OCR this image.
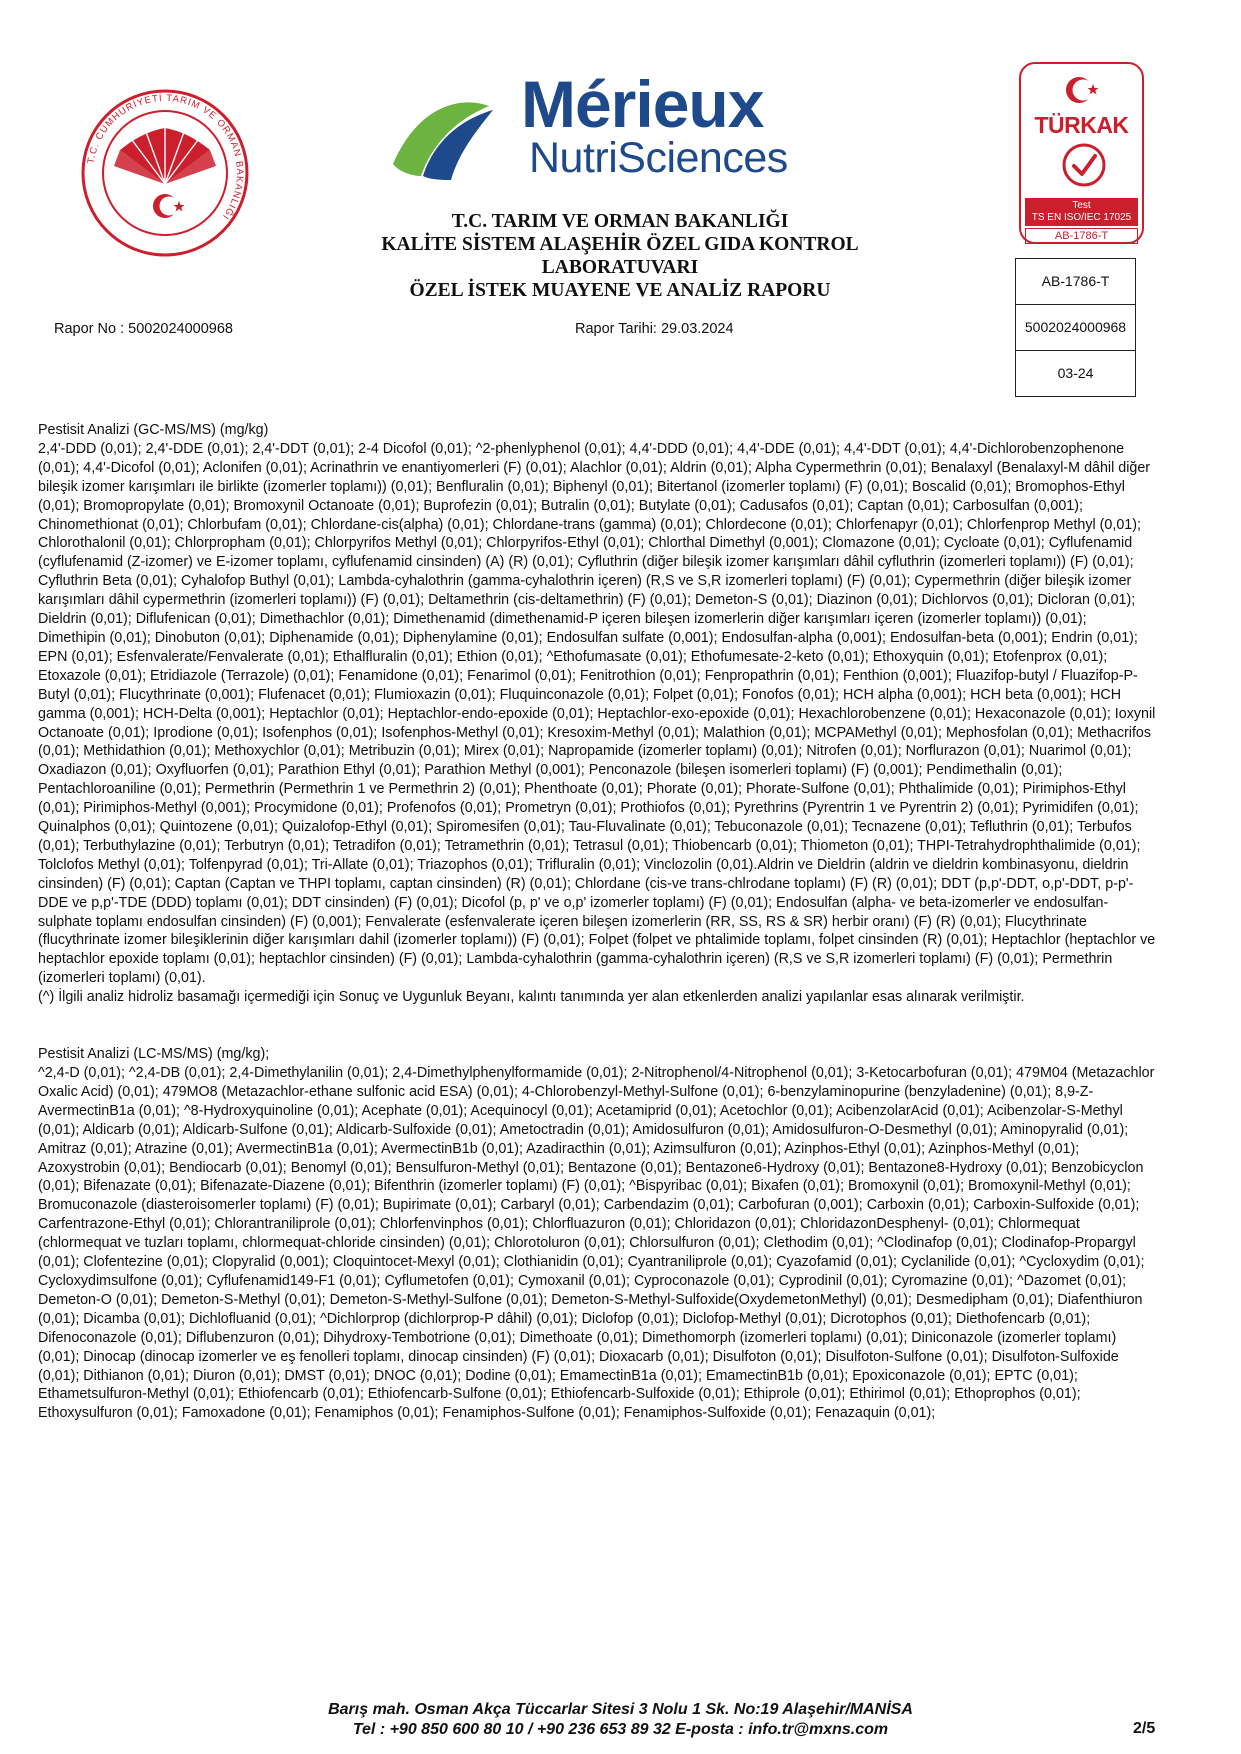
T.C. CUMHURİYETİ TARIM VE ORMAN BAKANLIĞI
Mérieux
NutriSciences
TÜRKAK
Test
TS EN ISO/IEC 17025
AB-1786-T
T.C. TARIM VE ORMAN BAKANLIĞI
KALİTE SİSTEM ALAŞEHİR ÖZEL GIDA KONTROL
LABORATUVARI
ÖZEL İSTEK MUAYENE VE ANALİZ RAPORU
Rapor No : 5002024000968	Rapor Tarihi: 29.03.2024
AB-1786-T
5002024000968
03-24

Pestisit Analizi (GC-MS/MS) (mg/kg)

2,4'-DDD (0,01); 2,4'-DDE (0,01); 2,4'-DDT (0,01); 2-4 Dicofol (0,01); ^2-phenlyphenol (0,01); 4,4'-DDD (0,01); 4,4'-DDE (0,01); 4,4'-DDT (0,01); 4,4'-Dichlorobenzophenone (0,01); 4,4'-Dicofol (0,01); Aclonifen (0,01); Acrinathrin ve enantiyomerleri (F) (0,01); Alachlor (0,01); Aldrin (0,01); Alpha Cypermethrin (0,01); Benalaxyl (Benalaxyl-M dâhil diğer bileşik izomer karışımları ile birlikte (izomerler toplamı)) (0,01); Benfluralin (0,01); Biphenyl (0,01); Bitertanol (izomerler toplamı) (F) (0,01); Boscalid (0,01); Bromophos-Ethyl (0,01); Bromopropylate (0,01); Bromoxynil Octanoate (0,01); Buprofezin (0,01); Butralin (0,01); Butylate (0,01); Cadusafos (0,01); Captan (0,01); Carbosulfan (0,001); Chinomethionat (0,01); Chlorbufam (0,01); Chlordane-cis(alpha) (0,01); Chlordane-trans (gamma) (0,01); Chlordecone (0,01); Chlorfenapyr (0,01); Chlorfenprop Methyl (0,01); Chlorothalonil (0,01); Chlorpropham (0,01); Chlorpyrifos Methyl (0,01); Chlorpyrifos-Ethyl (0,01); Chlorthal Dimethyl (0,001); Clomazone (0,01); Cycloate (0,01); Cyflufenamid (cyflufenamid (Z-izomer) ve E-izomer toplamı, cyflufenamid cinsinden) (A) (R) (0,01); Cyfluthrin (diğer bileşik izomer karışımları dâhil cyfluthrin (izomerleri toplamı)) (F) (0,01); Cyfluthrin Beta (0,01); Cyhalofop Buthyl (0,01); Lambda-cyhalothrin (gamma-cyhalothrin içeren) (R,S ve S,R izomerleri toplamı) (F) (0,01); Cypermethrin (diğer bileşik izomer karışımları dâhil cypermethrin (izomerleri toplamı)) (F) (0,01); Deltamethrin (cis-deltamethrin) (F) (0,01); Demeton-S (0,01); Diazinon (0,01); Dichlorvos (0,01); Dicloran (0,01); Dieldrin (0,01); Diflufenican (0,01); Dimethachlor (0,01); Dimethenamid (dimethenamid-P içeren bileşen izomerlerin diğer karışımları içeren (izomerler toplamı)) (0,01); Dimethipin (0,01); Dinobuton (0,01); Diphenamide (0,01); Diphenylamine (0,01); Endosulfan sulfate (0,001); Endosulfan-alpha (0,001); Endosulfan-beta (0,001); Endrin (0,01); EPN (0,01); Esfenvalerate/Fenvalerate (0,01); Ethalfluralin (0,01); Ethion (0,01); ^Ethofumasate (0,01); Ethofumesate-2-keto (0,01); Ethoxyquin (0,01); Etofenprox (0,01); Etoxazole (0,01); Etridiazole (Terrazole) (0,01); Fenamidone (0,01); Fenarimol (0,01); Fenitrothion (0,01); Fenpropathrin (0,01); Fenthion (0,001); Fluazifop-butyl / Fluazifop-P-Butyl (0,01); Flucythrinate (0,001); Flufenacet (0,01); Flumioxazin (0,01); Fluquinconazole (0,01); Folpet (0,01); Fonofos (0,01); HCH alpha (0,001); HCH beta (0,001); HCH gamma (0,001); HCH-Delta (0,001); Heptachlor (0,01); Heptachlor-endo-epoxide (0,01); Heptachlor-exo-epoxide (0,01); Hexachlorobenzene (0,01); Hexaconazole (0,01); Ioxynil Octanoate (0,01); Iprodione (0,01); Isofenphos (0,01); Isofenphos-Methyl (0,01); Kresoxim-Methyl (0,01); Malathion (0,01); MCPAMethyl (0,01); Mephosfolan (0,01); Methacrifos (0,01); Methidathion (0,01); Methoxychlor (0,01); Metribuzin (0,01); Mirex (0,01); Napropamide (izomerler toplamı) (0,01); Nitrofen (0,01); Norflurazon (0,01); Nuarimol (0,01); Oxadiazon (0,01); Oxyfluorfen (0,01); Parathion Ethyl (0,01); Parathion Methyl (0,001); Penconazole (bileşen isomerleri toplamı) (F) (0,001); Pendimethalin (0,01); Pentachloroaniline (0,01); Permethrin (Permethrin 1 ve Permethrin 2) (0,01); Phenthoate (0,01); Phorate (0,01); Phorate-Sulfone (0,01); Phthalimide (0,01); Pirimiphos-Ethyl (0,01); Pirimiphos-Methyl (0,001); Procymidone (0,01); Profenofos (0,01); Prometryn (0,01); Prothiofos (0,01); Pyrethrins (Pyrentrin 1 ve Pyrentrin 2) (0,01); Pyrimidifen (0,01); Quinalphos (0,01); Quintozene (0,01); Quizalofop-Ethyl (0,01); Spiromesifen (0,01); Tau-Fluvalinate (0,01); Tebuconazole (0,01); Tecnazene (0,01); Tefluthrin (0,01); Terbufos (0,01); Terbuthylazine (0,01); Terbutryn (0,01); Tetradifon (0,01); Tetramethrin (0,01); Tetrasul (0,01); Thiobencarb (0,01); Thiometon (0,01); THPI-Tetrahydrophthalimide (0,01); Tolclofos Methyl (0,01); Tolfenpyrad (0,01); Tri-Allate (0,01); Triazophos (0,01); Trifluralin (0,01); Vinclozolin (0,01).Aldrin ve Dieldrin (aldrin ve dieldrin kombinasyonu, dieldrin cinsinden) (F) (0,01); Captan (Captan ve THPI toplamı, captan cinsinden) (R) (0,01); Chlordane (cis-ve trans-chlrodane toplamı) (F) (R) (0,01); DDT (p,p'-DDT, o,p'-DDT, p-p'-DDE ve p,p'-TDE (DDD) toplamı (0,01); DDT cinsinden) (F) (0,01); Dicofol (p, p' ve o,p' izomerler toplamı) (F) (0,01); Endosulfan (alpha- ve beta-izomerler ve endosulfan-sulphate toplamı endosulfan cinsinden) (F) (0,001); Fenvalerate (esfenvalerate içeren bileşen izomerlerin (RR, SS, RS & SR) herbir oranı) (F) (R) (0,01); Flucythrinate (flucythrinate izomer bileşiklerinin diğer karışımları dahil (izomerler toplamı)) (F) (0,01); Folpet (folpet ve phtalimide toplamı, folpet cinsinden (R) (0,01); Heptachlor (heptachlor ve heptachlor epoxide toplamı (0,01); heptachlor cinsinden) (F) (0,01); Lambda-cyhalothrin (gamma-cyhalothrin içeren) (R,S ve S,R izomerleri toplamı) (F) (0,01); Permethrin (izomerleri toplamı) (0,01).

(^) İlgili analiz hidroliz basamağı içermediği için Sonuç ve Uygunluk Beyanı, kalıntı tanımında yer alan etkenlerden analizi yapılanlar esas alınarak verilmiştir.

Pestisit Analizi (LC-MS/MS) (mg/kg);

^2,4-D (0,01); ^2,4-DB (0,01); 2,4-Dimethylanilin (0,01); 2,4-Dimethylphenylformamide (0,01); 2-Nitrophenol/4-Nitrophenol (0,01); 3-Ketocarbofuran (0,01); 479M04 (Metazachlor Oxalic Acid) (0,01); 479MO8 (Metazachlor-ethane sulfonic acid ESA) (0,01); 4-Chlorobenzyl-Methyl-Sulfone (0,01); 6-benzylaminopurine (benzyladenine) (0,01); 8,9-Z-AvermectinB1a (0,01); ^8-Hydroxyquinoline (0,01); Acephate (0,01); Acequinocyl (0,01); Acetamiprid (0,01); Acetochlor (0,01); AcibenzolarAcid (0,01); Acibenzolar-S-Methyl (0,01); Aldicarb (0,01); Aldicarb-Sulfone (0,01); Aldicarb-Sulfoxide (0,01); Ametoctradin (0,01); Amidosulfuron (0,01); Amidosulfuron-O-Desmethyl (0,01); Aminopyralid (0,01); Amitraz (0,01); Atrazine (0,01); AvermectinB1a (0,01); AvermectinB1b (0,01); Azadiracthin (0,01); Azimsulfuron (0,01); Azinphos-Ethyl (0,01); Azinphos-Methyl (0,01); Azoxystrobin (0,01); Bendiocarb (0,01); Benomyl (0,01); Bensulfuron-Methyl (0,01); Bentazone (0,01); Bentazone6-Hydroxy (0,01); Bentazone8-Hydroxy (0,01); Benzobicyclon (0,01); Bifenazate (0,01); Bifenazate-Diazene (0,01); Bifenthrin (izomerler toplamı) (F) (0,01); ^Bispyribac (0,01); Bixafen (0,01); Bromoxynil (0,01); Bromoxynil-Methyl (0,01); Bromuconazole (diasteroisomerler toplamı) (F) (0,01); Bupirimate (0,01); Carbaryl (0,01); Carbendazim (0,01); Carbofuran (0,001); Carboxin (0,01); Carboxin-Sulfoxide (0,01); Carfentrazone-Ethyl (0,01); Chlorantraniliprole (0,01); Chlorfenvinphos (0,01); Chlorfluazuron (0,01); Chloridazon (0,01); ChloridazonDesphenyl- (0,01); Chlormequat (chlormequat ve tuzları toplamı, chlormequat-chloride cinsinden) (0,01); Chlorotoluron (0,01); Chlorsulfuron (0,01); Clethodim (0,01); ^Clodinafop (0,01); Clodinafop-Propargyl (0,01); Clofentezine (0,01); Clopyralid (0,001); Cloquintocet-Mexyl (0,01); Clothianidin (0,01); Cyantraniliprole (0,01); Cyazofamid (0,01); Cyclanilide (0,01); ^Cycloxydim (0,01); Cycloxydimsulfone (0,01); Cyflufenamid149-F1 (0,01); Cyflumetofen (0,01); Cymoxanil (0,01); Cyproconazole (0,01); Cyprodinil (0,01); Cyromazine (0,01); ^Dazomet (0,01); Demeton-O (0,01); Demeton-S-Methyl (0,01); Demeton-S-Methyl-Sulfone (0,01); Demeton-S-Methyl-Sulfoxide(OxydemetonMethyl) (0,01); Desmedipham (0,01); Diafenthiuron (0,01); Dicamba (0,01); Dichlofluanid (0,01); ^Dichlorprop (dichlorprop-P dâhil) (0,01); Diclofop (0,01); Diclofop-Methyl (0,01); Dicrotophos (0,01); Diethofencarb (0,01); Difenoconazole (0,01); Diflubenzuron (0,01); Dihydroxy-Tembotrione (0,01); Dimethoate (0,01); Dimethomorph (izomerleri toplamı) (0,01); Diniconazole (izomerler toplamı) (0,01); Dinocap (dinocap izomerler ve eş fenolleri toplamı, dinocap cinsinden) (F) (0,01); Dioxacarb (0,01); Disulfoton (0,01); Disulfoton-Sulfone (0,01); Disulfoton-Sulfoxide (0,01); Dithianon (0,01); Diuron (0,01); DMST (0,01); DNOC (0,01); Dodine (0,01); EmamectinB1a (0,01); EmamectinB1b (0,01); Epoxiconazole (0,01); EPTC (0,01); Ethametsulfuron-Methyl (0,01); Ethiofencarb (0,01); Ethiofencarb-Sulfone (0,01); Ethiofencarb-Sulfoxide (0,01); Ethiprole (0,01); Ethirimol (0,01); Ethoprophos (0,01); Ethoxysulfuron (0,01); Famoxadone (0,01); Fenamiphos (0,01); Fenamiphos-Sulfone (0,01); Fenamiphos-Sulfoxide (0,01); Fenazaquin (0,01);

Barış mah. Osman Akça Tüccarlar Sitesi 3 Nolu 1 Sk. No:19 Alaşehir/MANİSA
Tel : +90 850 600 80 10 / +90 236 653 89 32 E-posta : info.tr@mxns.com	2/5
